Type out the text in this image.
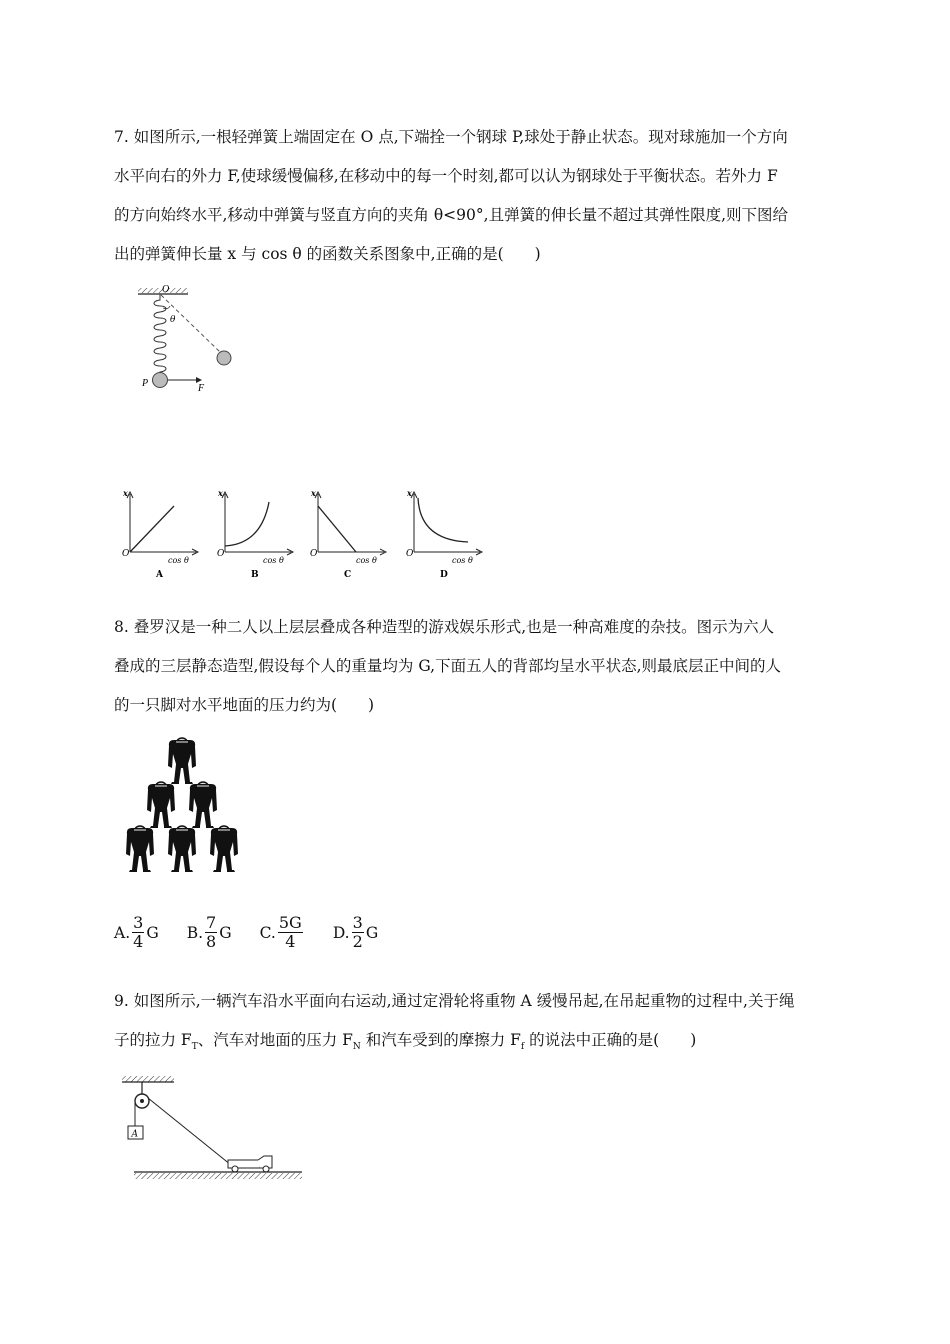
7. 如图所示,一根轻弹簧上端固定在 O 点,下端拴一个钢球 P,球处于静止状态。现对球施加一个方向

水平向右的外力 F,使球缓慢偏移,在移动中的每一个时刻,都可以认为钢球处于平衡状态。若外力 F

的方向始终水平,移动中弹簧与竖直方向的夹角 θ<90°,且弹簧的伸长量不超过其弹性限度,则下图给

出的弹簧伸长量 x 与 cos θ 的函数关系图象中,正确的是(　　)

O
θ
P	F
x
O
cos θ
A
x
O
cos θ
B
x
O
cos θ
C
x
O
cos θ
D

8. 叠罗汉是一种二人以上层层叠成各种造型的游戏娱乐形式,也是一种高难度的杂技。图示为六人

叠成的三层静态造型,假设每个人的重量均为 G,下面五人的背部均呈水平状态,则最底层正中间的人

的一只脚对水平地面的压力约为(　　)

A. $\frac{3}{4}$ G B. $\frac{7}{8}$ G C. $\frac{5G}{4} D$. $\frac{3}{2}$ G

9. 如图所示,一辆汽车沿水平面向右运动,通过定滑轮将重物 A 缓慢吊起,在吊起重物的过程中,关于绳

子的拉力 $F_T$、汽车对地面的压力 $F_N$ 和汽车受到的摩擦力 $F_f$ 的说法中正确的是(　　)

A
